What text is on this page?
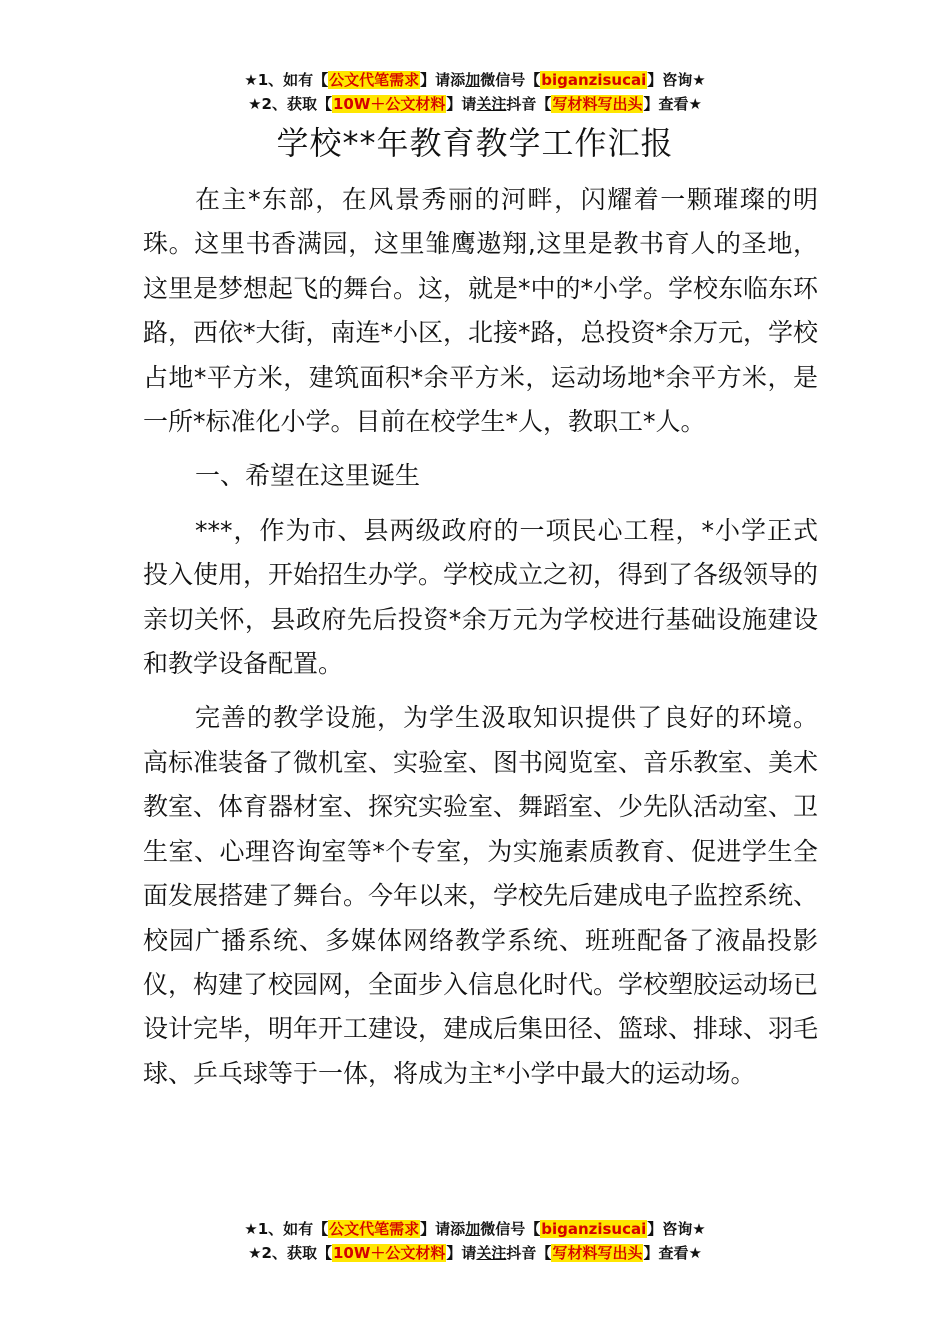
★1、如有【公文代笔需求】请添加微信号【biganzisucai】咨询★
★2、获取【10W＋公文材料】请关注抖音【写材料写出头】查看★
学校**年教育教学工作汇报

在主*东部，在风景秀丽的河畔，闪耀着一颗璀璨的明珠。这里书香满园，这里雏鹰遨翔,这里是教书育人的圣地，这里是梦想起飞的舞台。这，就是*中的*小学。学校东临东环路，西依*大街，南连*小区，北接*路，总投资*余万元，学校占地*平方米，建筑面积*余平方米，运动场地*余平方米，是一所*标准化小学。目前在校学生*人，教职工*人。

一、希望在这里诞生

***，作为市、县两级政府的一项民心工程，*小学正式投入使用，开始招生办学。学校成立之初，得到了各级领导的亲切关怀，县政府先后投资*余万元为学校进行基础设施建设和教学设备配置。

完善的教学设施，为学生汲取知识提供了良好的环境。高标准装备了微机室、实验室、图书阅览室、音乐教室、美术教室、体育器材室、探究实验室、舞蹈室、少先队活动室、卫生室、心理咨询室等*个专室，为实施素质教育、促进学生全面发展搭建了舞台。今年以来，学校先后建成电子监控系统、校园广播系统、多媒体网络教学系统、班班配备了液晶投影仪，构建了校园网，全面步入信息化时代。学校塑胶运动场已设计完毕，明年开工建设，建成后集田径、篮球、排球、羽毛球、乒乓球等于一体，将成为主*小学中最大的运动场。

★1、如有【公文代笔需求】请添加微信号【biganzisucai】咨询★
★2、获取【10W＋公文材料】请关注抖音【写材料写出头】查看★
